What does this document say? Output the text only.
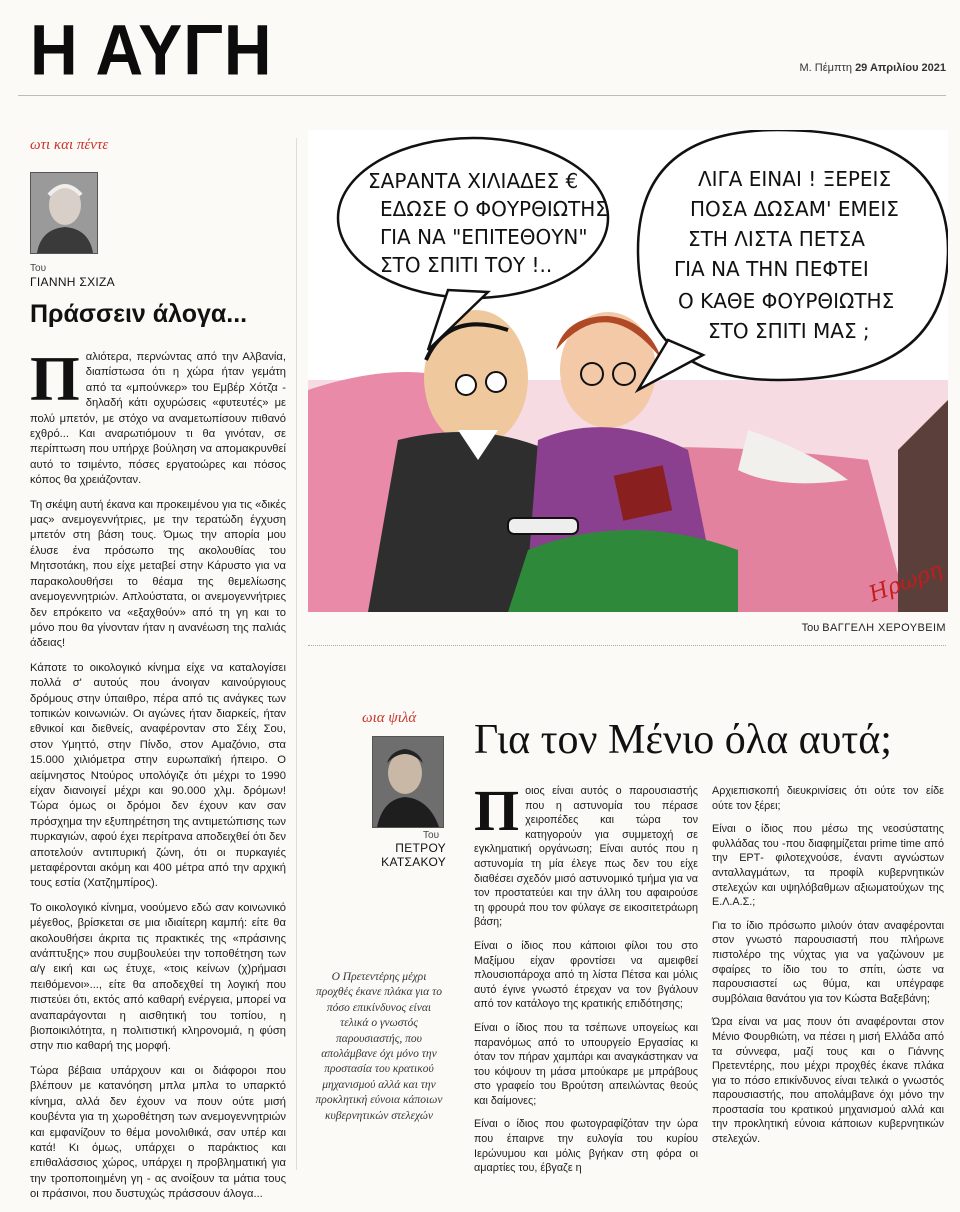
Η ΑΥΓΗ	Μ. Πέμπτη 29 Απριλίου 2021
ωτι και πέντε
Του
ΓΙΑΝΝΗ ΣΧΙΖΑ
Πράσσειν άλογα...

Παλιότερα, περνώντας από την Αλβανία, διαπίστωσα ότι η χώρα ήταν γεμάτη από τα «μπούνκερ» του Εμβέρ Χότζα - δηλαδή κάτι οχυρώσεις «φυτευτές» με πολύ μπετόν, με στόχο να αναμετωπίσουν πιθανό εχθρό... Και αναρωτιόμουν τι θα γινόταν, σε περίπτωση που υπήρχε βούληση να απομακρυνθεί αυτό το τσιμέντο, πόσες εργατοώρες και πόσος κόπος θα χρειάζονταν.

Τη σκέψη αυτή έκανα και προκειμένου για τις «δικές μας» ανεμογεννήτριες, με την τερατώδη έγχυση μπετόν στη βάση τους. Όμως την απορία μου έλυσε ένα πρόσωπο της ακολουθίας του Μητσοτάκη, που είχε μεταβεί στην Κάρυστο για να παρακολουθήσει το θέαμα της θεμελίωσης ανεμογεννητριών. Απλούστατα, οι ανεμογεννήτριες δεν επρόκειτο να «εξαχθούν» από τη γη και το μόνο που θα γίνονταν ήταν η ανανέωση της παλιάς άδειας!

Κάποτε το οικολογικό κίνημα είχε να καταλογίσει πολλά σ' αυτούς που άνοιγαν καινούργιους δρόμους στην ύπαιθρο, πέρα από τις ανάγκες των τοπικών κοινωνιών. Οι αγώνες ήταν διαρκείς, ήταν εθνικοί και διεθνείς, αναφέρονταν στο Σέιχ Σου, στον Υμηττό, στην Πίνδο, στον Αμαζόνιο, στα 15.000 χιλιόμετρα στην ευρωπαϊκή ήπειρο. Ο αείμνηστος Ντούρος υπολόγιζε ότι μέχρι το 1990 είχαν διανοιγεί μέχρι και 90.000 χλμ. δρόμων! Τώρα όμως οι δρόμοι δεν έχουν καν σαν πρόσχημα την εξυπηρέτηση της αντιμετώπισης των πυρκαγιών, αφού έχει περίτρανα αποδειχθεί ότι δεν αποτελούν αντιπυρική ζώνη, ότι οι πυρκαγιές μεταφέρονται ακόμη και 400 μέτρα από την αρχική τους εστία (Χατζημπίρος).

Το οικολογικό κίνημα, νοούμενο εδώ σαν κοινωνικό μέγεθος, βρίσκεται σε μια ιδιαίτερη καμπή: είτε θα ακολουθήσει άκριτα τις πρακτικές της «πράσινης ανάπτυξης» που συμβουλεύει την τοποθέτηση των α/γ εική και ως έτυχε, «τοις κείνων (χ)ρήμασι πειθόμενοι»..., είτε θα αποδεχθεί τη λογική που πιστεύει ότι, εκτός από καθαρή ενέργεια, μπορεί να αναπαράγονται η αισθητική του τοπίου, η βιοποικιλότητα, η πολιτιστική κληρονομιά, η φύση στην πιο καθαρή της μορφή.

Τώρα βέβαια υπάρχουν και οι διάφοροι που βλέπουν με κατανόηση μπλα μπλα το υπαρκτό κίνημα, αλλά δεν έχουν να πουν ούτε μισή κουβέντα για τη χωροθέτηση των ανεμογεννητριών και εμφανίζουν το θέμα μονολιθικά, σαν υπέρ και κατά! Κι όμως, υπάρχει ο παράκτιος και επιθαλάσσιος χώρος, υπάρχει η προβληματική για την τροποποιημένη γη - ας ανοίξουν τα μάτια τους οι πράσινοι, που δυστυχώς πράσσουν άλογα...

ΣΑΡΑΝΤΑ ΧΙΛΙΑΔΕΣ €
ΕΔΩΣΕ Ο ΦΟΥΡΘΙΩΤΗΣ
ΓΙΑ ΝΑ "ΕΠΙΤΕΘΟΥΝ"
ΣΤΟ ΣΠΙΤΙ ΤΟΥ !..
ΛΙΓΑ ΕΙΝΑΙ ! ΞΕΡΕΙΣ
ΠΟΣΑ ΔΩΣΑΜ' ΕΜΕΙΣ
ΣΤΗ ΛΙΣΤΑ ΠΕΤΣΑ
ΓΙΑ ΝΑ ΤΗΝ ΠΕΦΤΕΙ
Ο ΚΑΘΕ ΦΟΥΡΘΙΩΤΗΣ
ΣΤΟ ΣΠΙΤΙ ΜΑΣ ;
Ηρωρη
Του ΒΑΓΓΕΛΗ ΧΕΡΟΥΒΕΙΜ
ωια ψιλά
Του
ΠΕΤΡΟΥ ΚΑΤΣΑΚΟΥ
Για τον Μένιο όλα αυτά;
Ο Πρετεντέρης μέχρι προχθές έκανε πλάκα για το πόσο επικίνδυνος είναι τελικά ο γνωστός παρουσιαστής, που απολάμβανε όχι μόνο την προστασία του κρατικού μηχανισμού αλλά και την προκλητική εύνοια κάποιων κυβερνητικών στελεχών

Ποιος είναι αυτός ο παρουσιαστής που η αστυνομία του πέρασε χειροπέδες και τώρα τον κατηγορούν για συμμετοχή σε εγκληματική οργάνωση; Είναι αυτός που η αστυνομία τη μία έλεγε πως δεν του είχε διαθέσει σχεδόν μισό αστυνομικό τμήμα για να τον προστατεύει και την άλλη του αφαιρούσε τη φρουρά που τον φύλαγε σε εικοσιτετράωρη βάση;

Είναι ο ίδιος που κάποιοι φίλοι του στο Μαξίμου είχαν φροντίσει να αμειφθεί πλουσιοπάροχα από τη λίστα Πέτσα και μόλις αυτό έγινε γνωστό έτρεχαν να τον βγάλουν από τον κατάλογο της κρατικής επιδότησης;

Είναι ο ίδιος που τα τσέπωνε υπογείως και παρανόμως από το υπουργείο Εργασίας κι όταν τον πήραν χαμπάρι και αναγκάστηκαν να του κόψουν τη μάσα μπούκαρε με μπράβους στο γραφείο του Βρούτση απειλώντας θεούς και δαίμονες;

Είναι ο ίδιος που φωτογραφίζόταν την ώρα που έπαιρνε την ευλογία του κυρίου Ιερώνυμου και μόλις βγήκαν στη φόρα οι αμαρτίες του, έβγαζε η

Αρχιεπισκοπή διευκρινίσεις ότι ούτε τον είδε ούτε τον ξέρει;

Είναι ο ίδιος που μέσω της νεοσύστατης φυλλάδας του -που διαφημίζεται prime time από την ΕΡΤ- φιλοτεχνούσε, έναντι αγνώστων ανταλλαγμάτων, τα προφίλ κυβερνητικών στελεχών και υψηλόβαθμων αξιωματούχων της Ε.Λ.Α.Σ.;

Για το ίδιο πρόσωπο μιλούν όταν αναφέρονται στον γνωστό παρουσιαστή που πλήρωνε πιστολέρο της νύχτας για να γαζώνουν με σφαίρες το ίδιο του το σπίτι, ώστε να παρουσιαστεί ως θύμα, και υπέγραφε συμβόλαια θανάτου για τον Κώστα Βαξεβάνη;

Ώρα είναι να μας πουν ότι αναφέρονται στον Μένιο Φουρθιώτη, να πέσει η μισή Ελλάδα από τα σύννεφα, μαζί τους και ο Γιάννης Πρετεντέρης, που μέχρι προχθές έκανε πλάκα για το πόσο επικίνδυνος είναι τελικά ο γνωστός παρουσιαστής, που απολάμβανε όχι μόνο την προστασία του κρατικού μηχανισμού αλλά και την προκλητική εύνοια κάποιων κυβερνητικών στελεχών.
